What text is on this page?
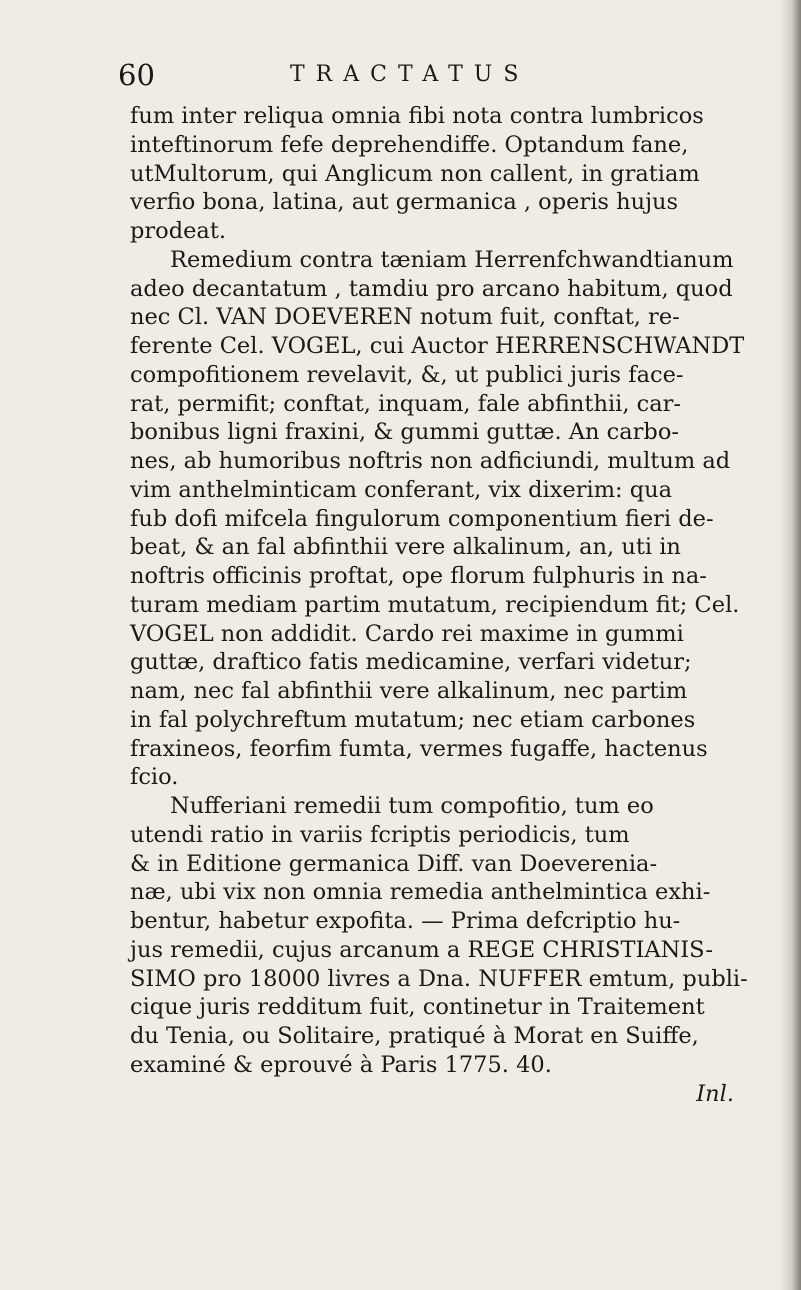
60	TRACTATUS
fum inter reliqua omnia fibi nota contra lumbricos
inteftinorum fefe deprehendiffe. Optandum fane,
utMultorum, qui Anglicum non callent, in gratiam
verfio bona, latina, aut germanica , operis hujus
prodeat.
Remedium contra tæniam Herrenfchwandtianum
adeo decantatum , tamdiu pro arcano habitum, quod
nec Cl. VAN DOEVEREN notum fuit, conftat, re-
ferente Cel. VOGEL, cui Auctor HERRENSCHWANDT
compofitionem revelavit, &, ut publici juris face-
rat, permifit; conftat, inquam, fale abfinthii, car-
bonibus ligni fraxini, & gummi guttæ. An carbo-
nes, ab humoribus noftris non adficiundi, multum ad
vim anthelminticam conferant, vix dixerim: qua
fub dofi mifcela fingulorum componentium fieri de-
beat, & an fal abfinthii vere alkalinum, an, uti in
noftris officinis proftat, ope florum fulphuris in na-
turam mediam partim mutatum, recipiendum fit; Cel.
VOGEL non addidit. Cardo rei maxime in gummi
guttæ, draftico fatis medicamine, verfari videtur;
nam, nec fal abfinthii vere alkalinum, nec partim
in fal polychreftum mutatum; nec etiam carbones
fraxineos, feorfim fumta, vermes fugaffe, hactenus
fcio.
Nufferiani remedii tum compofitio, tum eo
utendi ratio in variis fcriptis periodicis, tum
& in Editione germanica Diff. van Doeverenia-
næ, ubi vix non omnia remedia anthelmintica exhi-
bentur, habetur expofita. — Prima defcriptio hu-
jus remedii, cujus arcanum a REGE CHRISTIANIS-
SIMO pro 18000 livres a Dna. NUFFER emtum, publi-
cique juris redditum fuit, continetur in Traitement
du Tenia, ou Solitaire, pratiqué à Morat en Suiffe,
examiné & eprouvé à Paris 1775. 40.
Inl.
